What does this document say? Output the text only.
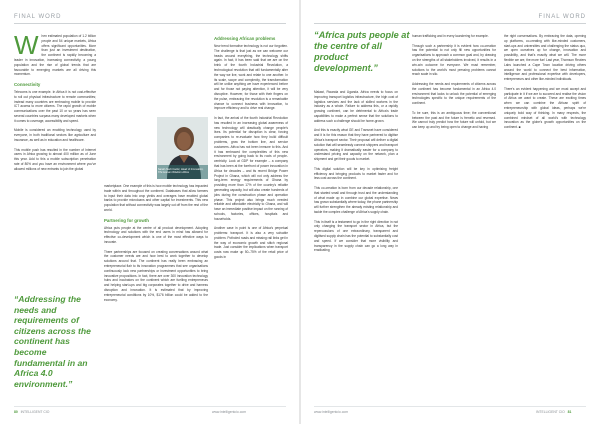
FINAL WORD

When estimated population of 1.2 billion people and 54 unique markets, Africa offers significant opportunities. More than just an investment destination, the continent is rapidly becoming a leader in innovation, increasing connectivity, a young population and the rise of global trends that are favourable to emerging markets are all driving this momentum.

Connectivity

Telecoms is one example. In Africa it is not cost-effective to roll out physical infrastructure to remote communities; instead many countries are embracing mobile to provide ICT access to more citizens. The rapid growth of mobile communications over the past 10 or so years has seen several countries surpass many developed markets when it comes to coverage, accessibility and speed.

Mobile is considered an enabling technology used by everyone, in both traditional sectors like agriculture and insurance, as well as in education and healthcare.

This mobile push has resulted in the number of Internet users in Africa growing to almost 400 million as of June this year. Add to this a mobile subscription penetration rate of 80% and you have an environment where you've allowed millions of new entrants to join the global

“Addressing the needs and requirements of citizens across the continent has become fundamental in an Africa 4.0 environment.”
Sarah Nash Carter, Head of Innovation, The Human Wisdom Africa

marketplace. One example of this is how mobile technology has impacted trade within and throughout the continent. Databases that allow farmers to input their data into crop yields and overages have enabled global banks to provide microloans and other capital for investments. This new population that without connectivity was largely cut off from the rest of the world.

Partnering for growth

Africa puts people at the centre of all product development. Adopting technology and solutions with the end users in mind has allowed for effective co-development which is one of the most effective ways to innovate.

There partnerships are focused on creating conversations around what the customer needs are and how best to work together to develop solutions around that. The continent has really been embracing an entrepreneurial flair to its innovation programmes that see organisations continuously look new partnerships or investment opportunities to bring innovative propositions. In fact, there are over 300 innovation technology hubs and incubators on the continent which are fuelling entrepreneurs and helping start-ups and big corporates together to drive and harness disruption and innovation. It is estimated that by improving entrepreneurial conditions by 10%, $176 billion could be added to the economy.

Addressing African problems

New trend formative technology is not our forgotten. The challenge is that just as we can welcome our heads around everything, the technology shifts again. In fact, it has been said that we are on the brink of the fourth Industrial Revolution, a technological revolution that will fundamentally alter the way we live, work and relate to one another. In its scale, scope and complexity, the transformation will be unlike anything we have experienced before and for those not paying attention, it will be very disruptive. However, for those with their fingers on the pulse, embracing the revolution is a remarkable chance to connect business with innovation, to improve efficiency and to drive real change.

In fact, the arrival of the fourth Industrial Revolution has resulted in an increasing global awareness of new technology will drastically change people's lives. Its potential for disruption is clear, forcing companies to re-evaluate how they build difficult problems, grow the bottom line, and service customers. Africa has not been immune to this. And it has embraced the complexities of this new environment by going back to its roots of people-centricity. Look at GDP for example – a company that has been at the forefront of power innovation in Africa for decades – and its recent Bridge Power Project in Ghana, which will not only address the long-term energy requirements of Ghana by providing more than 17% of the country's reliable generating capacity, but will also create hundreds of jobs during the construction phase and operation phase. This project also brings much needed reliable and affordable electricity to Ghana, and will have an immediate positive impact on the running of schools, factories, offices, hospitals and households.

Another case in point is one of Africa's perpetual problems: transport. It is also a very solvable problem. Potholed roads and missing rail links get in the way of economic growth and stitch regional trade. Just consider the implications when transport costs now make up 50–75% of the retail price of goods in

80 INTELLIGENT CIO	www.intelligentcio.com
FINAL WORD
“Africa puts people at the centre of all product development.”

Malawi, Rwanda and Uganda. Africa needs to focus on improving transport logistics infrastructure, the high cost of logistics services and the lack of skilled workers in the industry as a whole. Failure to address this, or a rapidly growing continent, can be detrimental to Africa's trade capabilities to make a perfect sense that the solutions to address such a challenge should be home-grown.

And this is exactly what GE and Transnet have considered and it is for this reason that they have partnered to digitise Africa's transport sector. Their proposal will deliver a digital solution that will seamlessly connect shippers and transport operators, making it dramatically easier for a company to understand pricing and capacity on the network, plan a shipment and get their goods to market.

This digital solution will be key in optimising freight efficiency and bringing products to market faster and for less cost across the continent.

This co-creation is born from our decade relationship, one that started small and through trust and the understanding of what made up in combine our global expertise. News has grown substantially where today, the phone partnership will further strengthen the already existing relationship and tackle the complex challenge of Africa's supply chain.

This in itself is a testament to go in the right direction in not only changing the transport sector in Africa, but the repercussions of one extraordinary, transparent and digitised supply chain has the potential to substantially cost and speed. If we consider that more visibility and transparency in the supply chain can go a long way in eradicating

human trafficking and in every laundering for example.

Through such a partnership it is evident how co-creation has the potential to not only fill new opportunities for organisations to approach a common goal and, by drawing on the strengths of all stakeholders involved, it results in a win-win outcome for everyone. We must remember, solutions to the world's most pressing problems cannot reach scale in silo.

Addressing the needs and requirements of citizens across the continent has become fundamental in an Africa 4.0 environment that looks to unlock the potential of emerging technologies specific to the unique requirements of the continent.

To be sure, this is an ambiguous time; the conventional between the past and the future is frenetic and reversed. We cannot truly predict how the future will unfold, but we can keep up and try being open to change and having

the right conversations. By embracing the data, opening up platforms, co-creating with like-minded customers, start-ups and universities and challenging the status quo, we open ourselves up for change, innovation and possibility, and that's exactly what we will. The more flexible we are, the more fun! Last year, Thomson Reuters Labs launched a Cape Town location driving others around the world to connect the best information, intelligence and professional expertise with developers, entrepreneurs and other like-minded individuals.

There's an evident happening and we must accept and participate in it if we are to succeed and realise the vision of Africa we want to create. These are exciting times when we can combine the African spirit of entrepreneurship with global ideas, perhaps we're uniquely bold way of thinking. In many respects, the combined mindset of all world's with technology innovation as the globe's growth opportunities on the continent. ■

www.intelligentcio.com	INTELLIGENT CIO 81
